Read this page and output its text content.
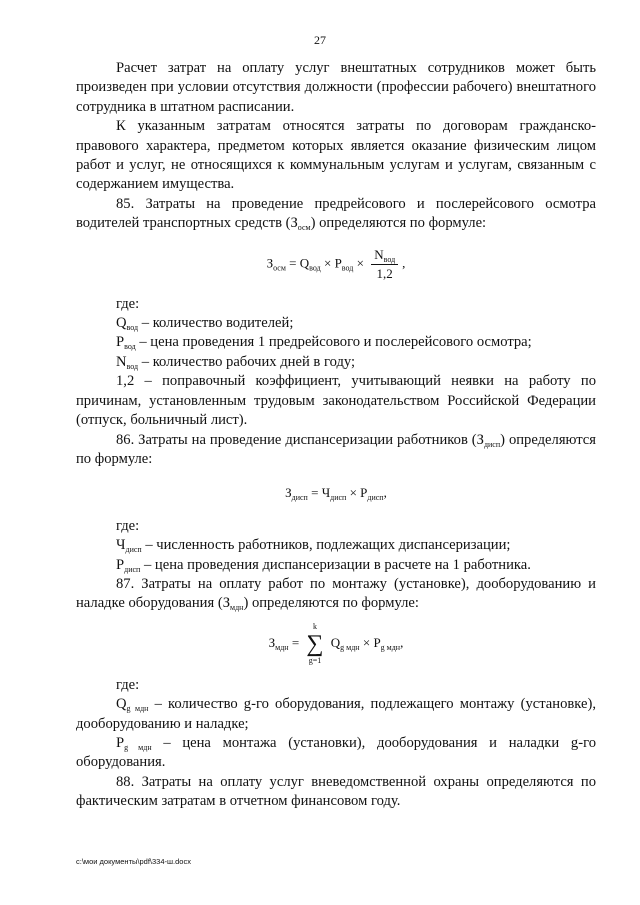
27

Расчет затрат на оплату услуг внештатных сотрудников может быть произведен при условии отсутствия должности (профессии рабочего) внештатного сотрудника в штатном расписании.

К указанным затратам относятся затраты по договорам гражданско-правового характера, предметом которых является оказание физическим лицом работ и услуг, не относящихся к коммунальным услугам и услугам, связанным с содержанием имущества.

85. Затраты на проведение предрейсового и послерейсового осмотра водителей транспортных средств $(З_{осм})$ определяются по формуле:

$З_{осм} = Q_{вод} \times Р_{вод} \times \frac{N_{вод}}{1,2}$ ,

где:

$Q_{вод}$ – количество водителей;

$Р_{вод}$ – цена проведения 1 предрейсового и послерейсового осмотра;

$N_{вод}$ – количество рабочих дней в году;

1,2 – поправочный коэффициент, учитывающий неявки на работу по причинам, установленным трудовым законодательством Российской Федерации (отпуск, больничный лист).

86. Затраты на проведение диспансеризации работников $(З_{дисп})$ определяются по формуле:

$З_{дисп} = Ч_{дисп} \times Р_{дисп}$,

где:

$Ч_{дисп}$ – численность работников, подлежащих диспансеризации;

$Р_{дисп}$ – цена проведения диспансеризации в расчете на 1 работника.

87. Затраты на оплату работ по монтажу (установке), дооборудованию и наладке оборудования $(З_{мдн})$ определяются по формуле:

$З_{мдн}$ =
k
∑
g=1
$Q_{g мдн} \times Р_{g мдн}$,

где:

$Q_{g мдн}$ – количество g-го оборудования, подлежащего монтажу (установке), дооборудованию и наладке;

$Р_{g мдн}$ – цена монтажа (установки), дооборудования и наладки g-го оборудования.

88. Затраты на оплату услуг вневедомственной охраны определяются по фактическим затратам в отчетном финансовом году.

c:\мои документы\pdf\334-ш.docx
